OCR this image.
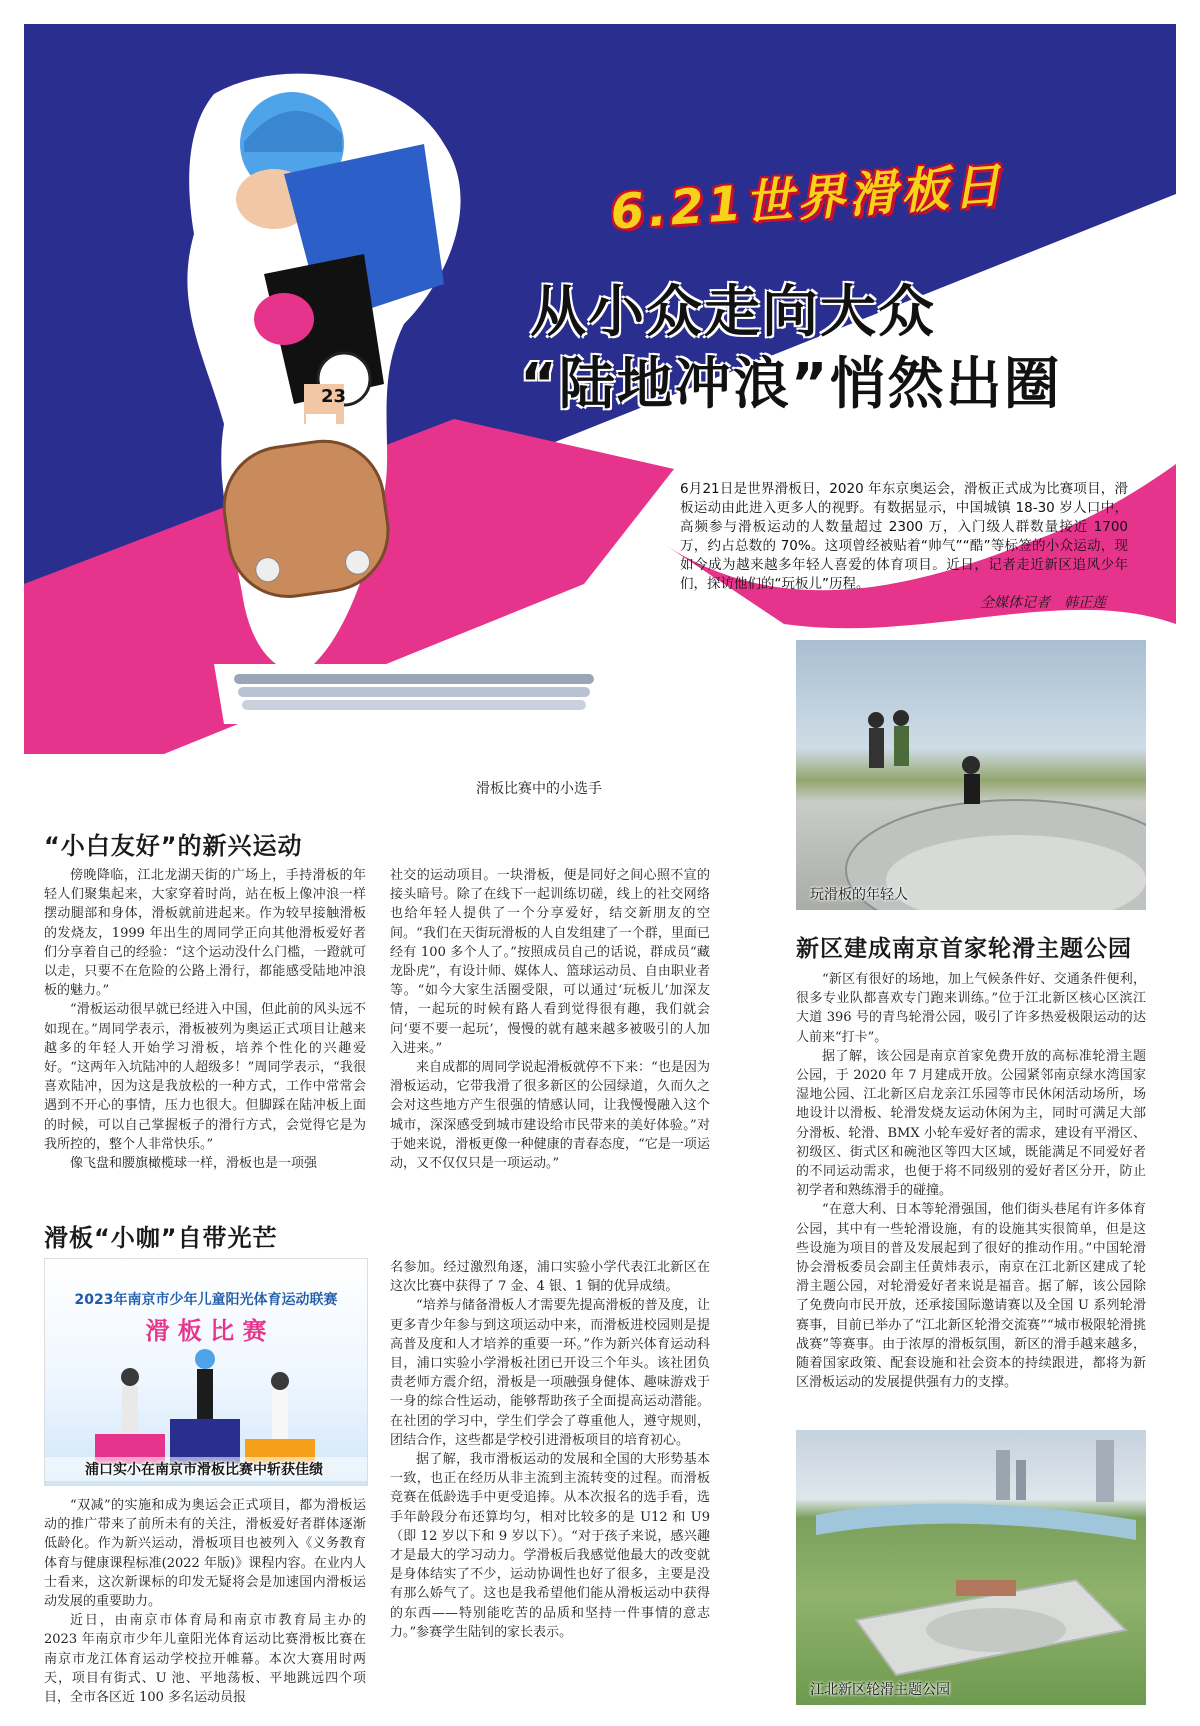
23
6.21世界滑板日
从小众走向大众
“陆地冲浪”悄然出圈
6月21日是世界滑板日，2020 年东京奥运会，滑板正式成为比赛项目，滑板运动由此进入更多人的视野。有数据显示，中国城镇 18-30 岁人口中，高频参与滑板运动的人数量超过 2300 万，入门级人群数量接近 1700 万，约占总数的 70%。这项曾经被贴着“帅气”“酷”等标签的小众运动，现如今成为越来越多年轻人喜爱的体育项目。近日，记者走近新区追风少年们，探访他们的“玩板儿”历程。
全媒体记者　韩正莲
滑板比赛中的小选手
玩滑板的年轻人
“小白友好”的新兴运动

傍晚降临，江北龙湖天街的广场上，手持滑板的年轻人们聚集起来，大家穿着时尚，站在板上像冲浪一样摆动腿部和身体，滑板就前进起来。作为较早接触滑板的发烧友，1999 年出生的周同学正向其他滑板爱好者们分享着自己的经验：“这个运动没什么门槛，一蹬就可以走，只要不在危险的公路上滑行，都能感受陆地冲浪板的魅力。”

“滑板运动很早就已经进入中国，但此前的风头远不如现在。”周同学表示，滑板被列为奥运正式项目让越来越多的年轻人开始学习滑板，培养个性化的兴趣爱好。“这两年入坑陆冲的人超级多！”周同学表示，“我很喜欢陆冲，因为这是我放松的一种方式，工作中常常会遇到不开心的事情，压力也很大。但脚踩在陆冲板上面的时候，可以自己掌握板子的滑行方式，会觉得它是为我所控的，整个人非常快乐。”

像飞盘和腰旗橄榄球一样，滑板也是一项强

社交的运动项目。一块滑板，便是同好之间心照不宣的接头暗号。除了在线下一起训练切磋，线上的社交网络也给年轻人提供了一个分享爱好，结交新朋友的空间。“我们在天街玩滑板的人自发组建了一个群，里面已经有 100 多个人了。”按照成员自己的话说，群成员“藏龙卧虎”，有设计师、媒体人、篮球运动员、自由职业者等。“如今大家生活圈受限，可以通过‘玩板儿’加深友情，一起玩的时候有路人看到觉得很有趣，我们就会问‘要不要一起玩’，慢慢的就有越来越多被吸引的人加入进来。”

来自成都的周同学说起滑板就停不下来：“也是因为滑板运动，它带我滑了很多新区的公园绿道，久而久之会对这些地方产生很强的情感认同，让我慢慢融入这个城市，深深感受到城市建设给市民带来的美好体验。”对于她来说，滑板更像一种健康的青春态度，“它是一项运动，又不仅仅只是一项运动。”

滑板“小咖”自带光芒
2023年南京市少年儿童阳光体育运动联赛
滑 板 比 赛
浦口实小在南京市滑板比赛中斩获佳绩

“双减”的实施和成为奥运会正式项目，都为滑板运动的推广带来了前所未有的关注，滑板爱好者群体逐渐低龄化。作为新兴运动，滑板项目也被列入《义务教育体育与健康课程标准(2022 年版)》课程内容。在业内人士看来，这次新课标的印发无疑将会是加速国内滑板运动发展的重要助力。

近日，由南京市体育局和南京市教育局主办的 2023 年南京市少年儿童阳光体育运动比赛滑板比赛在南京市龙江体育运动学校拉开帷幕。本次大赛用时两天，项目有街式、U 池、平地荡板、平地跳远四个项目，全市各区近 100 多名运动员报

名参加。经过激烈角逐，浦口实验小学代表江北新区在这次比赛中获得了 7 金、4 银、1 铜的优异成绩。

“培养与储备滑板人才需要先提高滑板的普及度，让更多青少年参与到这项运动中来，而滑板进校园则是提高普及度和人才培养的重要一环。”作为新兴体育运动科目，浦口实验小学滑板社团已开设三个年头。该社团负责老师方震介绍，滑板是一项融强身健体、趣味游戏于一身的综合性运动，能够帮助孩子全面提高运动潜能。在社团的学习中，学生们学会了尊重他人，遵守规则，团结合作，这些都是学校引进滑板项目的培育初心。

据了解，我市滑板运动的发展和全国的大形势基本一致，也正在经历从非主流到主流转变的过程。而滑板竞赛在低龄选手中更受追捧。从本次报名的选手看，选手年龄段分布还算均匀，相对比较多的是 U12 和 U9（即 12 岁以下和 9 岁以下）。“对于孩子来说，感兴趣才是最大的学习动力。学滑板后我感觉他最大的改变就是身体结实了不少，运动协调性也好了很多，主要是没有那么娇气了。这也是我希望他们能从滑板运动中获得的东西——特别能吃苦的品质和坚持一件事情的意志力。”参赛学生陆钊的家长表示。

新区建成南京首家轮滑主题公园

“新区有很好的场地，加上气候条件好、交通条件便利，很多专业队都喜欢专门跑来训练。”位于江北新区核心区滨江大道 396 号的青鸟轮滑公园，吸引了许多热爱极限运动的达人前来“打卡”。

据了解，该公园是南京首家免费开放的高标准轮滑主题公园，于 2020 年 7 月建成开放。公园紧邻南京绿水湾国家湿地公园、江北新区启龙亲江乐园等市民休闲活动场所，场地设计以滑板、轮滑发烧友运动休闲为主，同时可满足大部分滑板、轮滑、BMX 小轮车爱好者的需求，建设有平滑区、初级区、街式区和碗池区等四大区域，既能满足不同爱好者的不同运动需求，也便于将不同级别的爱好者区分开，防止初学者和熟练滑手的碰撞。

“在意大利、日本等轮滑强国，他们街头巷尾有许多体育公园，其中有一些轮滑设施，有的设施其实很简单，但是这些设施为项目的普及发展起到了很好的推动作用。”中国轮滑协会滑板委员会副主任黄炜表示，南京在江北新区建成了轮滑主题公园，对轮滑爱好者来说是福音。据了解，该公园除了免费向市民开放，还承接国际邀请赛以及全国 U 系列轮滑赛事，目前已举办了“江北新区轮滑交流赛”“城市极限轮滑挑战赛”等赛事。由于浓厚的滑板氛围，新区的滑手越来越多，随着国家政策、配套设施和社会资本的持续跟进，都将为新区滑板运动的发展提供强有力的支撑。

江北新区轮滑主题公园
